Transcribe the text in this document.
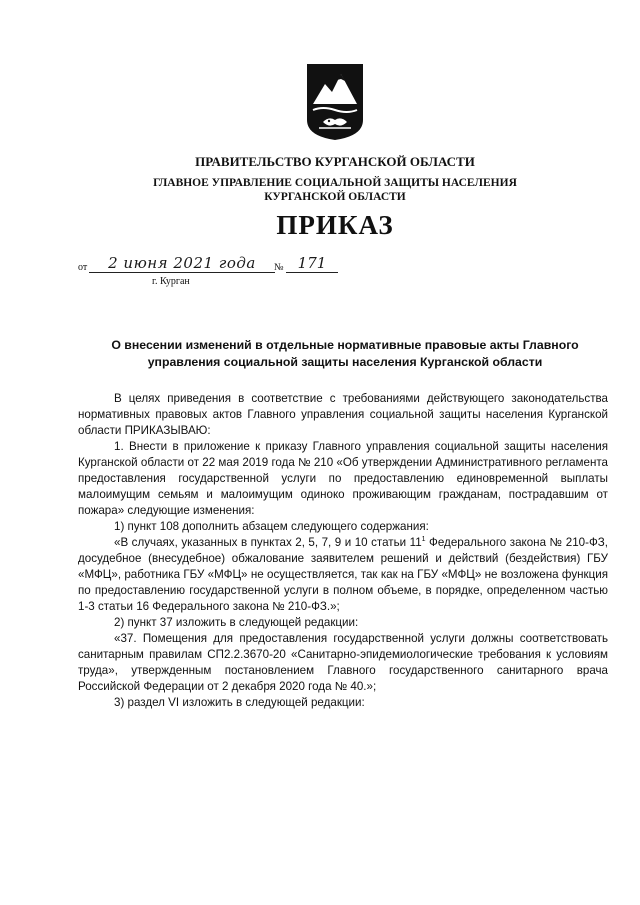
ПРАВИТЕЛЬСТВО КУРГАНСКОЙ ОБЛАСТИ
ГЛАВНОЕ УПРАВЛЕНИЕ СОЦИАЛЬНОЙ ЗАЩИТЫ НАСЕЛЕНИЯ
КУРГАНСКОЙ ОБЛАСТИ
ПРИКАЗ
от	2 июня 2021 года	№ 171
г. Курган
О внесении изменений в отдельные нормативные правовые акты Главного управления социальной защиты населения Курганской области

В целях приведения в соответствие с требованиями действующего законодательства нормативных правовых актов Главного управления социальной защиты населения Курганской области ПРИКАЗЫВАЮ:

1. Внести в приложение к приказу Главного управления социальной защиты населения Курганской области от 22 мая 2019 года № 210 «Об утверждении Административного регламента предоставления государственной услуги по предоставлению единовременной выплаты малоимущим семьям и малоимущим одиноко проживающим гражданам, пострадавшим от пожара» следующие изменения:

1) пункт 108 дополнить абзацем следующего содержания:

«В случаях, указанных в пунктах 2, 5, 7, 9 и 10 статьи $11^1$ Федерального закона № 210-ФЗ, досудебное (внесудебное) обжалование заявителем решений и действий (бездействия) ГБУ «МФЦ», работника ГБУ «МФЦ» не осуществляется, так как на ГБУ «МФЦ» не возложена функция по предоставлению государственной услуги в полном объеме, в порядке, определенном частью 1-3 статьи 16 Федерального закона № 210-ФЗ.»;

2) пункт 37 изложить в следующей редакции:

«37. Помещения для предоставления государственной услуги должны соответствовать санитарным правилам СП2.2.3670-20 «Санитарно-эпидемиологические требования к условиям труда», утвержденным постановлением Главного государственного санитарного врача Российской Федерации от 2 декабря 2020 года № 40.»;

3) раздел VI изложить в следующей редакции:
